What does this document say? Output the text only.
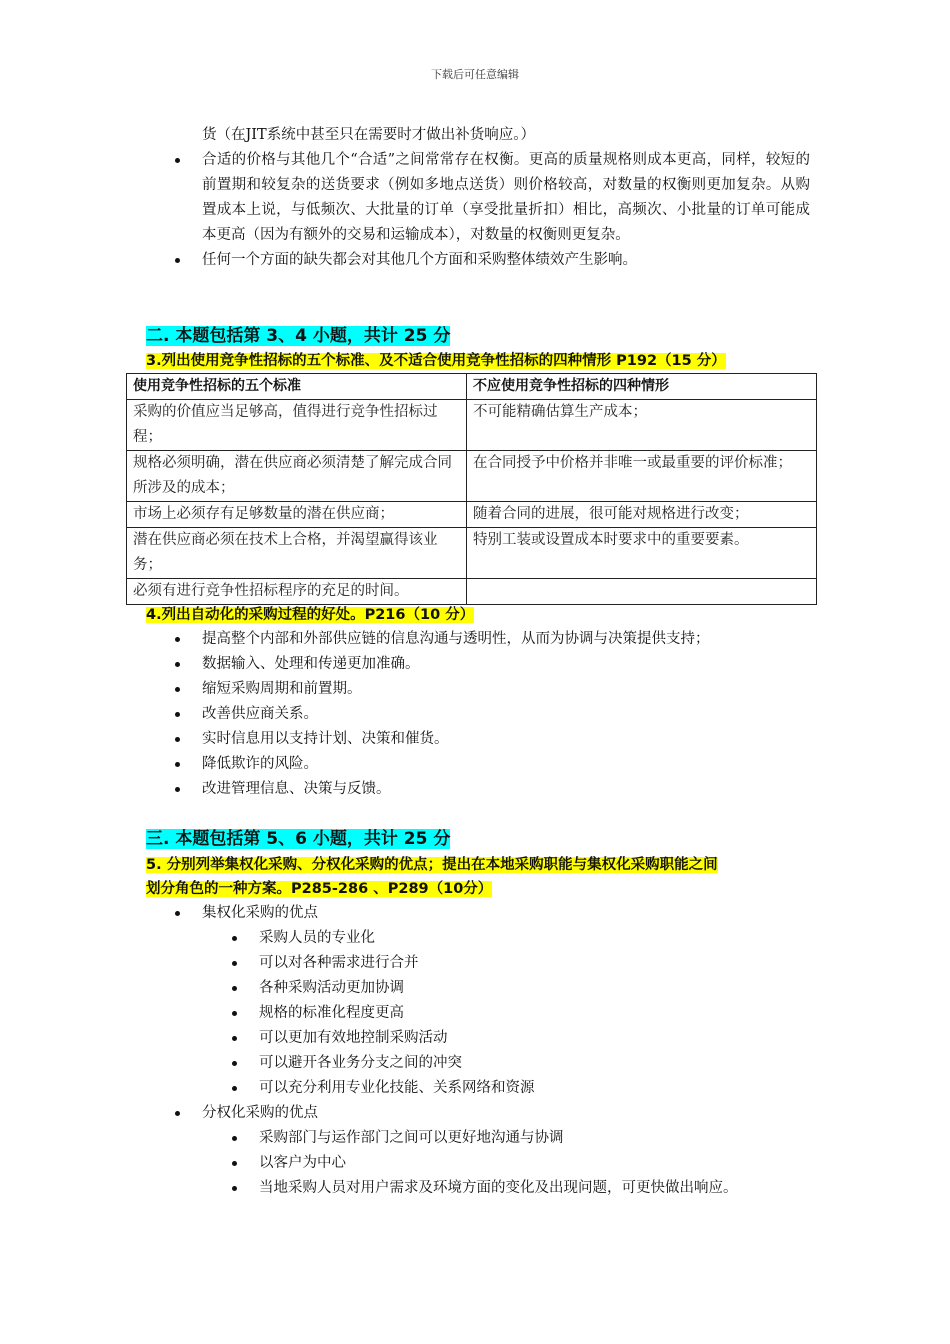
下载后可任意编辑
货（在JIT系统中甚至只在需要时才做出补货响应。）
合适的价格与其他几个“合适”之间常常存在权衡。更高的质量规格则成本更高，同样，较短的前置期和较复杂的送货要求（例如多地点送货）则价格较高，对数量的权衡则更加复杂。从购置成本上说，与低频次、大批量的订单（享受批量折扣）相比，高频次、小批量的订单可能成本更高（因为有额外的交易和运输成本），对数量的权衡则更复杂。
任何一个方面的缺失都会对其他几个方面和采购整体绩效产生影响。
二. 本题包括第 3、4 小题，共计 25 分
3.列出使用竞争性招标的五个标准、及不适合使用竞争性招标的四种情形 P192（15 分）
使用竞争性招标的五个标准	不应使用竞争性招标的四种情形
采购的价值应当足够高，值得进行竞争性招标过程；	不可能精确估算生产成本；
规格必须明确，潜在供应商必须清楚了解完成合同所涉及的成本；	在合同授予中价格并非唯一或最重要的评价标准；
市场上必须存有足够数量的潜在供应商；	随着合同的进展，很可能对规格进行改变；
潜在供应商必须在技术上合格，并渴望赢得该业务；	特别工装或设置成本时要求中的重要要素。
必须有进行竞争性招标程序的充足的时间。	
4.列出自动化的采购过程的好处。P216（10 分）
提高整个内部和外部供应链的信息沟通与透明性，从而为协调与决策提供支持；
数据输入、处理和传递更加准确。
缩短采购周期和前置期。
改善供应商关系。
实时信息用以支持计划、决策和催货。
降低欺诈的风险。
改进管理信息、决策与反馈。
三. 本题包括第 5、6 小题，共计 25 分
5. 分别列举集权化采购、分权化采购的优点；提出在本地采购职能与集权化采购职能之间
划分角色的一种方案。P285-286 、P289（10分）
集权化采购的优点
采购人员的专业化
可以对各种需求进行合并
各种采购活动更加协调
规格的标准化程度更高
可以更加有效地控制采购活动
可以避开各业务分支之间的冲突
可以充分利用专业化技能、关系网络和资源
分权化采购的优点
采购部门与运作部门之间可以更好地沟通与协调
以客户为中心
当地采购人员对用户需求及环境方面的变化及出现问题，可更快做出响应。
